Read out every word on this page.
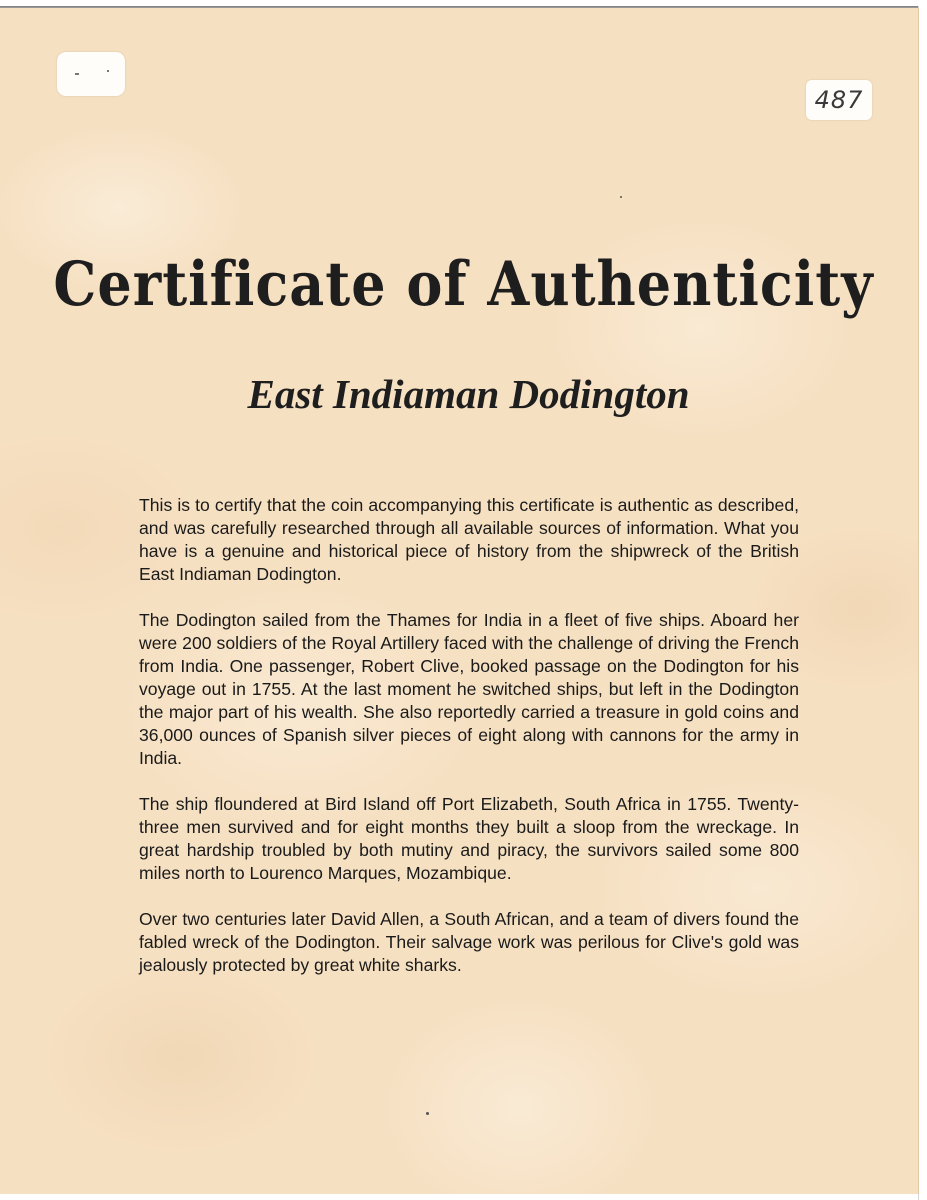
487
Certificate of Authenticity
East Indiaman Dodington

This is to certify that the coin accompanying this certificate is authentic as described, and was carefully researched through all available sources of information. What you have is a genuine and historical piece of history from the shipwreck of the British East Indiaman Dodington.

The Dodington sailed from the Thames for India in a fleet of five ships. Aboard her were 200 soldiers of the Royal Artillery faced with the challenge of driving the French from India. One passenger, Robert Clive, booked passage on the Dodington for his voyage out in 1755. At the last moment he switched ships, but left in the Dodington the major part of his wealth. She also reportedly carried a treasure in gold coins and 36,000 ounces of Spanish silver pieces of eight along with cannons for the army in India.

The ship floundered at Bird Island off Port Elizabeth, South Africa in 1755. Twenty-three men survived and for eight months they built a sloop from the wreckage. In great hardship troubled by both mutiny and piracy, the survivors sailed some 800 miles north to Lourenco Marques, Mozambique.

Over two centuries later David Allen, a South African, and a team of divers found the fabled wreck of the Dodington. Their salvage work was perilous for Clive's gold was jealously protected by great white sharks.
